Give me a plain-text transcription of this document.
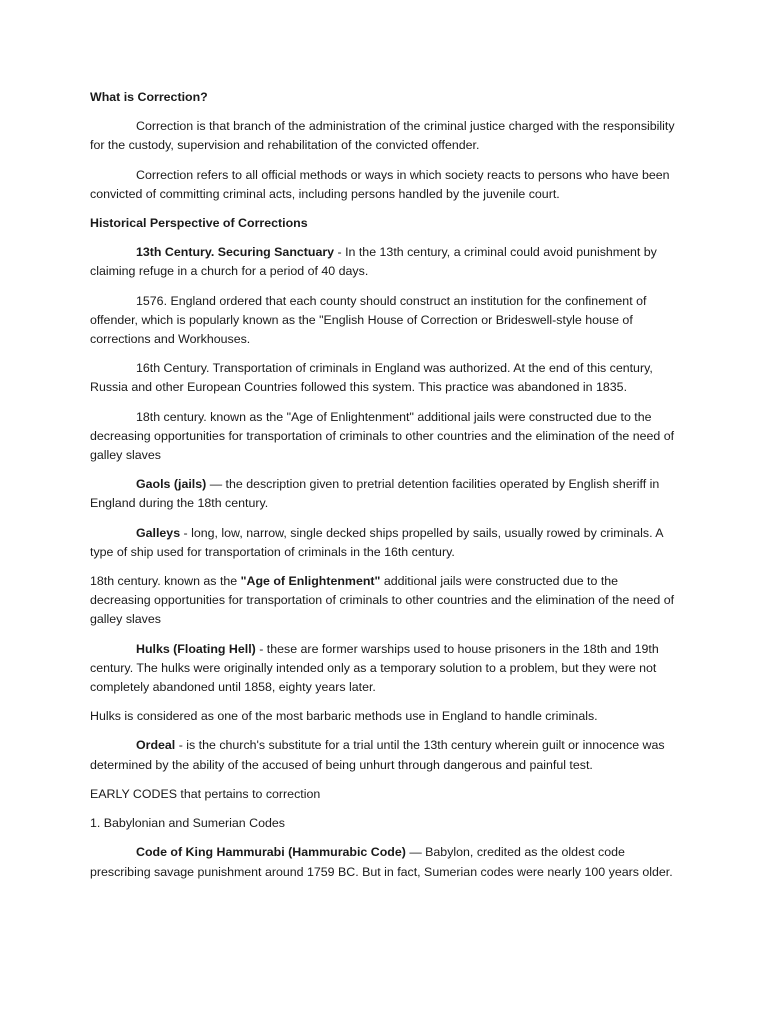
What is Correction?
Correction is that branch of the administration of the criminal justice charged with the responsibility for the custody, supervision and rehabilitation of the convicted offender.
Correction refers to all official methods or ways in which society reacts to persons who have been convicted of committing criminal acts, including persons handled by the juvenile court.
Historical Perspective of Corrections
13th Century. Securing Sanctuary - In the 13th century, a criminal could avoid punishment by claiming refuge in a church for a period of 40 days.
1576. England ordered that each county should construct an institution for the confinement of offender, which is popularly known as the "English House of Correction or Brideswell-style house of corrections and Workhouses.
16th Century. Transportation of criminals in England was authorized. At the end of this century, Russia and other European Countries followed this system. This practice was abandoned in 1835.
18th century. known as the "Age of Enlightenment" additional jails were constructed due to the decreasing opportunities for transportation of criminals to other countries and the elimination of the need of galley slaves
Gaols (jails) — the description given to pretrial detention facilities operated by English sheriff in England during the 18th century.
Galleys - long, low, narrow, single decked ships propelled by sails, usually rowed by criminals. A type of ship used for transportation of criminals in the 16th century.
18th century. known as the "Age of Enlightenment" additional jails were constructed due to the decreasing opportunities for transportation of criminals to other countries and the elimination of the need of galley slaves
Hulks (Floating Hell) - these are former warships used to house prisoners in the 18th and 19th century. The hulks were originally intended only as a temporary solution to a problem, but they were not completely abandoned until 1858, eighty years later.
Hulks is considered as one of the most barbaric methods use in England to handle criminals.
Ordeal - is the church's substitute for a trial until the 13th century wherein guilt or innocence was determined by the ability of the accused of being unhurt through dangerous and painful test.
EARLY CODES that pertains to correction
1. Babylonian and Sumerian Codes
Code of King Hammurabi (Hammurabic Code) — Babylon, credited as the oldest code prescribing savage punishment around 1759 BC. But in fact, Sumerian codes were nearly 100 years older.
